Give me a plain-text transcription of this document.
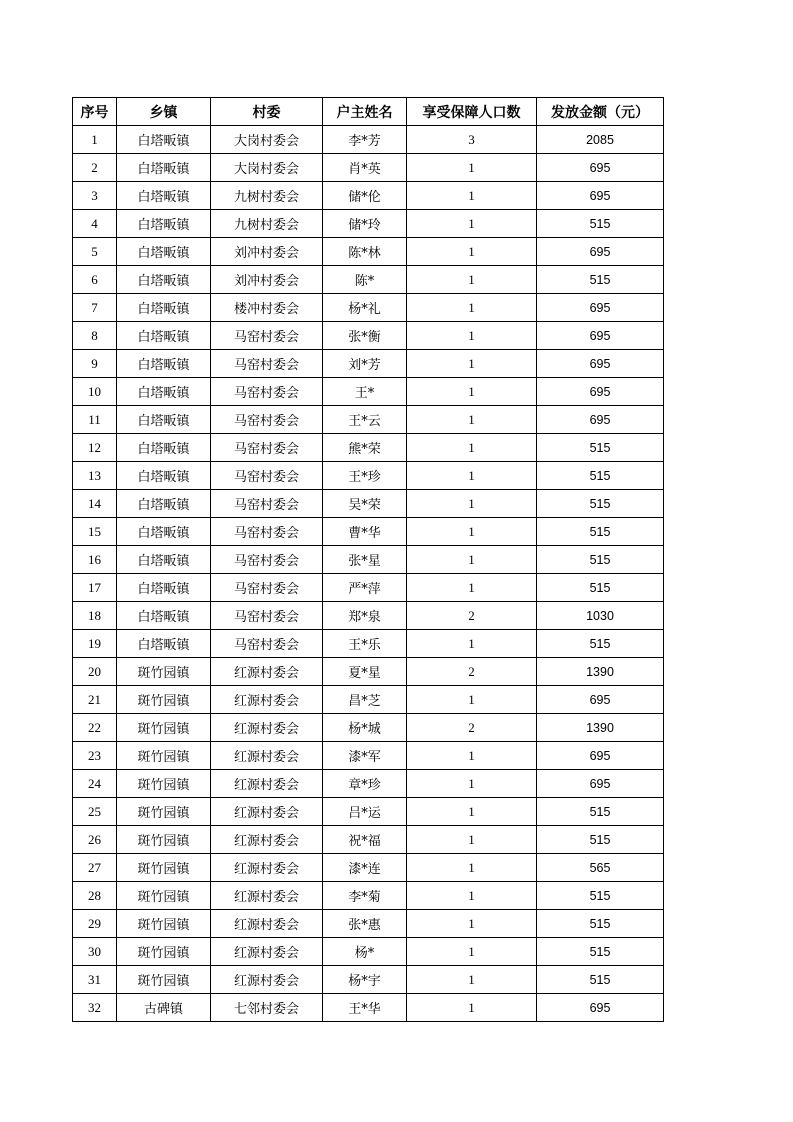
序号	乡镇	村委	户主姓名	享受保障人口数	发放金额（元）
1	白塔畈镇	大岗村委会	李*芳	3	2085
2	白塔畈镇	大岗村委会	肖*英	1	695
3	白塔畈镇	九树村委会	储*伦	1	695
4	白塔畈镇	九树村委会	储*玲	1	515
5	白塔畈镇	刘冲村委会	陈*林	1	695
6	白塔畈镇	刘冲村委会	陈*	1	515
7	白塔畈镇	楼冲村委会	杨*礼	1	695
8	白塔畈镇	马窑村委会	张*衡	1	695
9	白塔畈镇	马窑村委会	刘*芳	1	695
10	白塔畈镇	马窑村委会	王*	1	695
11	白塔畈镇	马窑村委会	王*云	1	695
12	白塔畈镇	马窑村委会	熊*荣	1	515
13	白塔畈镇	马窑村委会	王*珍	1	515
14	白塔畈镇	马窑村委会	吴*荣	1	515
15	白塔畈镇	马窑村委会	曹*华	1	515
16	白塔畈镇	马窑村委会	张*星	1	515
17	白塔畈镇	马窑村委会	严*萍	1	515
18	白塔畈镇	马窑村委会	郑*泉	2	1030
19	白塔畈镇	马窑村委会	王*乐	1	515
20	斑竹园镇	红源村委会	夏*星	2	1390
21	斑竹园镇	红源村委会	昌*芝	1	695
22	斑竹园镇	红源村委会	杨*城	2	1390
23	斑竹园镇	红源村委会	漆*军	1	695
24	斑竹园镇	红源村委会	章*珍	1	695
25	斑竹园镇	红源村委会	吕*运	1	515
26	斑竹园镇	红源村委会	祝*福	1	515
27	斑竹园镇	红源村委会	漆*连	1	565
28	斑竹园镇	红源村委会	李*菊	1	515
29	斑竹园镇	红源村委会	张*惠	1	515
30	斑竹园镇	红源村委会	杨*	1	515
31	斑竹园镇	红源村委会	杨*宇	1	515
32	古碑镇	七邻村委会	王*华	1	695
